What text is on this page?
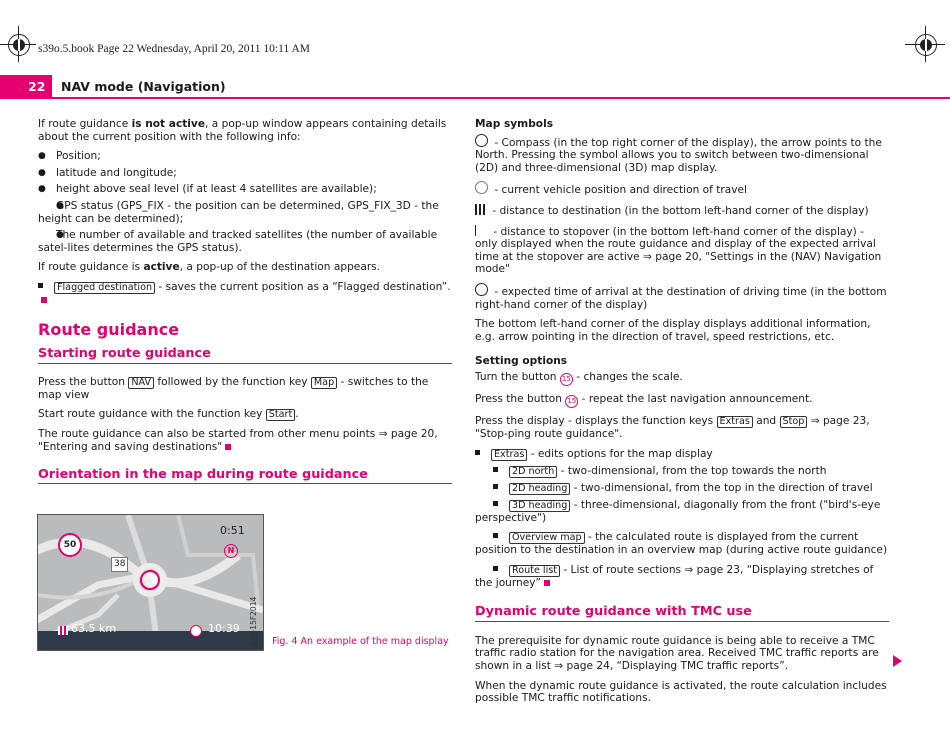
s39o.5.book Page 22 Wednesday, April 20, 2011 10:11 AM
22 NAV mode (Navigation)

If route guidance is not active, a pop-up window appears containing details about the current position with the following info:

● Position;
● latitude and longitude;
● height above seal level (if at least 4 satellites are available);
● GPS status (GPS_FIX - the position can be determined, GPS_FIX_3D - the height can be determined);
● The number of available and tracked satellites (the number of available satel-lites determines the GPS status).

If route guidance is active, a pop-up of the destination appears.

Flagged destination - saves the current position as a “Flagged destination”.

Route guidance
Starting route guidance

Press the button NAV followed by the function key Map - switches to the map view

Start route guidance with the function key Start .

The route guidance can also be started from other menu points ⇒ page 20, "Entering and saving destinations"

Orientation in the map during route guidance
50
0:51
N
38
63.5 km	10:39 BAT-15F2014 Fig. 4 An example of the map display
Map symbols

- Compass (in the top right corner of the display), the arrow points to the North. Pressing the symbol allows you to switch between two-dimensional (2D) and three-dimensional (3D) map display.

- current vehicle position and direction of travel

- distance to destination (in the bottom left-hand corner of the display)

- distance to stopover (in the bottom left-hand corner of the display) - only displayed when the route guidance and display of the expected arrival time at the stopover are active ⇒ page 20, "Settings in the (NAV) Navigation mode"

- expected time of arrival at the destination of driving time (in the bottom right-hand corner of the display)

The bottom left-hand corner of the display displays additional information, e.g. arrow pointing in the direction of travel, speed restrictions, etc.

Setting options

Turn the button 15 - changes the scale.

Press the button 15 - repeat the last navigation announcement.

Press the display - displays the function keys Extras and Stop ⇒ page 23, "Stop-ping route guidance".

Extras - edits options for the map display

2D north - two-dimensional, from the top towards the north

2D heading - two-dimensional, from the top in the direction of travel

3D heading - three-dimensional, diagonally from the front ("bird's-eye perspective")

Overview map - the calculated route is displayed from the current position to the destination in an overview map (during active route guidance)

Route list - List of route sections ⇒ page 23, “Displaying stretches of the journey”

Dynamic route guidance with TMC use

The prerequisite for dynamic route guidance is being able to receive a TMC traffic radio station for the navigation area. Received TMC traffic reports are shown in a list ⇒ page 24, “Displaying TMC traffic reports”.

When the dynamic route guidance is activated, the route calculation includes possible TMC traffic notifications.
